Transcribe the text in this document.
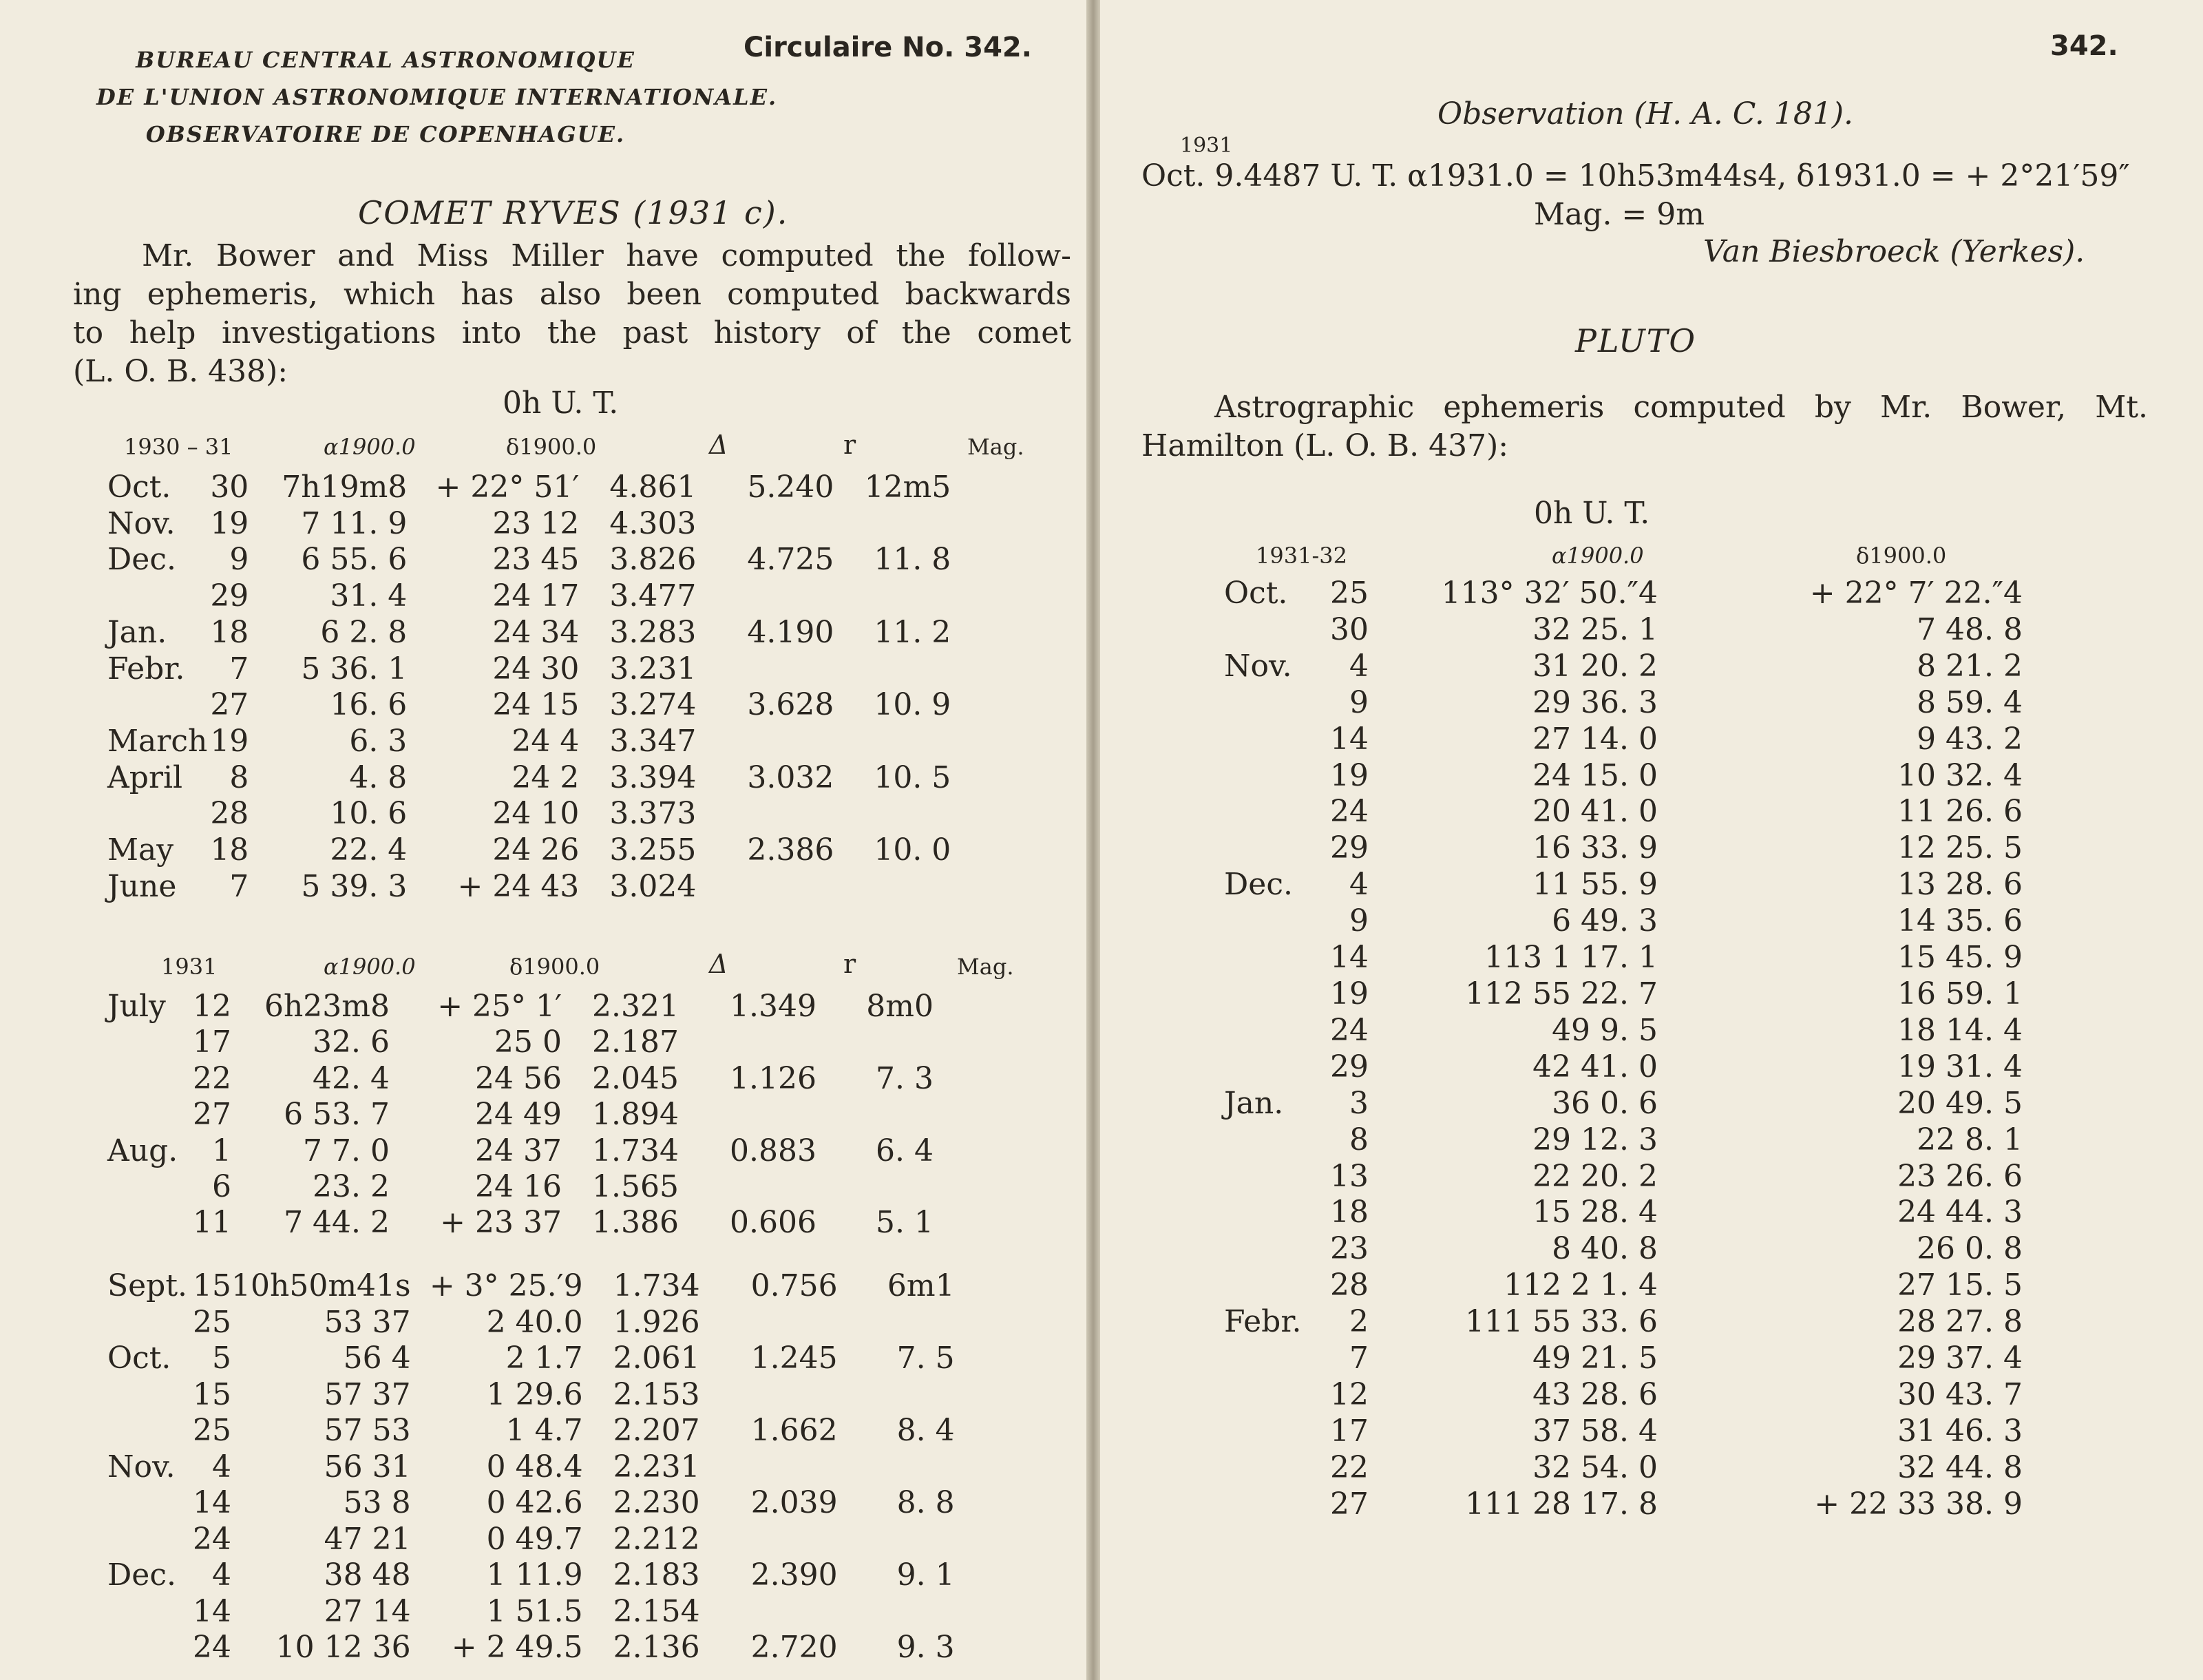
BUREAU CENTRAL ASTRONOMIQUE
DE L'UNION ASTRONOMIQUE INTERNATIONALE.
OBSERVATOIRE DE COPENHAGUE.
Circulaire No. 342.
COMET RYVES (1931 c).
Mr. Bower and Miss Miller have computed the follow-
ing ephemeris, which has also been computed backwards
to help investigations into the past history of the comet
(L. O. B. 438):
0h U. T.
1930 – 31	α1900.0	δ1900.0	Δ	r	Mag.
Oct.	30	7h19m8	+ 22° 51′	4.861	5.240	12m5
Nov.	19	7 11. 9	23 12	4.303		
Dec.	9	6 55. 6	23 45	3.826	4.725	11. 8
	29	31. 4	24 17	3.477		
Jan.	18	6 2. 8	24 34	3.283	4.190	11. 2
Febr.	7	5 36. 1	24 30	3.231		
	27	16. 6	24 15	3.274	3.628	10. 9
March	19	6. 3	24 4	3.347		
April	8	4. 8	24 2	3.394	3.032	10. 5
	28	10. 6	24 10	3.373		
May	18	22. 4	24 26	3.255	2.386	10. 0
June	7	5 39. 3	+ 24 43	3.024		
1931	α1900.0	δ1900.0	Δ	r	Mag.
July	12	6h23m8	+ 25° 1′	2.321	1.349	8m0
	17	32. 6	25 0	2.187		
	22	42. 4	24 56	2.045	1.126	7. 3
	27	6 53. 7	24 49	1.894		
Aug.	1	7 7. 0	24 37	1.734	0.883	6. 4
	6	23. 2	24 16	1.565		
	11	7 44. 2	+ 23 37	1.386	0.606	5. 1
Sept.	15	10h50m41s	+ 3° 25.′9	1.734	0.756	6m1
	25	53 37	2 40.0	1.926		
Oct.	5	56 4	2 1.7	2.061	1.245	7. 5
	15	57 37	1 29.6	2.153		
	25	57 53	1 4.7	2.207	1.662	8. 4
Nov.	4	56 31	0 48.4	2.231		
	14	53 8	0 42.6	2.230	2.039	8. 8
	24	47 21	0 49.7	2.212		
Dec.	4	38 48	1 11.9	2.183	2.390	9. 1
	14	27 14	1 51.5	2.154		
	24	10 12 36	+ 2 49.5	2.136	2.720	9. 3
342.
Observation (H. A. C. 181).
1931
Oct. 9.4487 U. T. α1931.0 = 10h53m44s4, δ1931.0 = + 2°21′59″
Mag. = 9m
Van Biesbroeck (Yerkes).
PLUTO
Astrographic ephemeris computed by Mr. Bower, Mt.
Hamilton (L. O. B. 437):
0h U. T.
1931-32	α1900.0	δ1900.0
Oct.	25	113° 32′ 50.″4	+ 22° 7′ 22.″4
	30	32 25. 1	7 48. 8
Nov.	4	31 20. 2	8 21. 2
	9	29 36. 3	8 59. 4
	14	27 14. 0	9 43. 2
	19	24 15. 0	10 32. 4
	24	20 41. 0	11 26. 6
	29	16 33. 9	12 25. 5
Dec.	4	11 55. 9	13 28. 6
	9	6 49. 3	14 35. 6
	14	113 1 17. 1	15 45. 9
	19	112 55 22. 7	16 59. 1
	24	49 9. 5	18 14. 4
	29	42 41. 0	19 31. 4
Jan.	3	36 0. 6	20 49. 5
	8	29 12. 3	22 8. 1
	13	22 20. 2	23 26. 6
	18	15 28. 4	24 44. 3
	23	8 40. 8	26 0. 8
	28	112 2 1. 4	27 15. 5
Febr.	2	111 55 33. 6	28 27. 8
	7	49 21. 5	29 37. 4
	12	43 28. 6	30 43. 7
	17	37 58. 4	31 46. 3
	22	32 54. 0	32 44. 8
	27	111 28 17. 8	+ 22 33 38. 9
